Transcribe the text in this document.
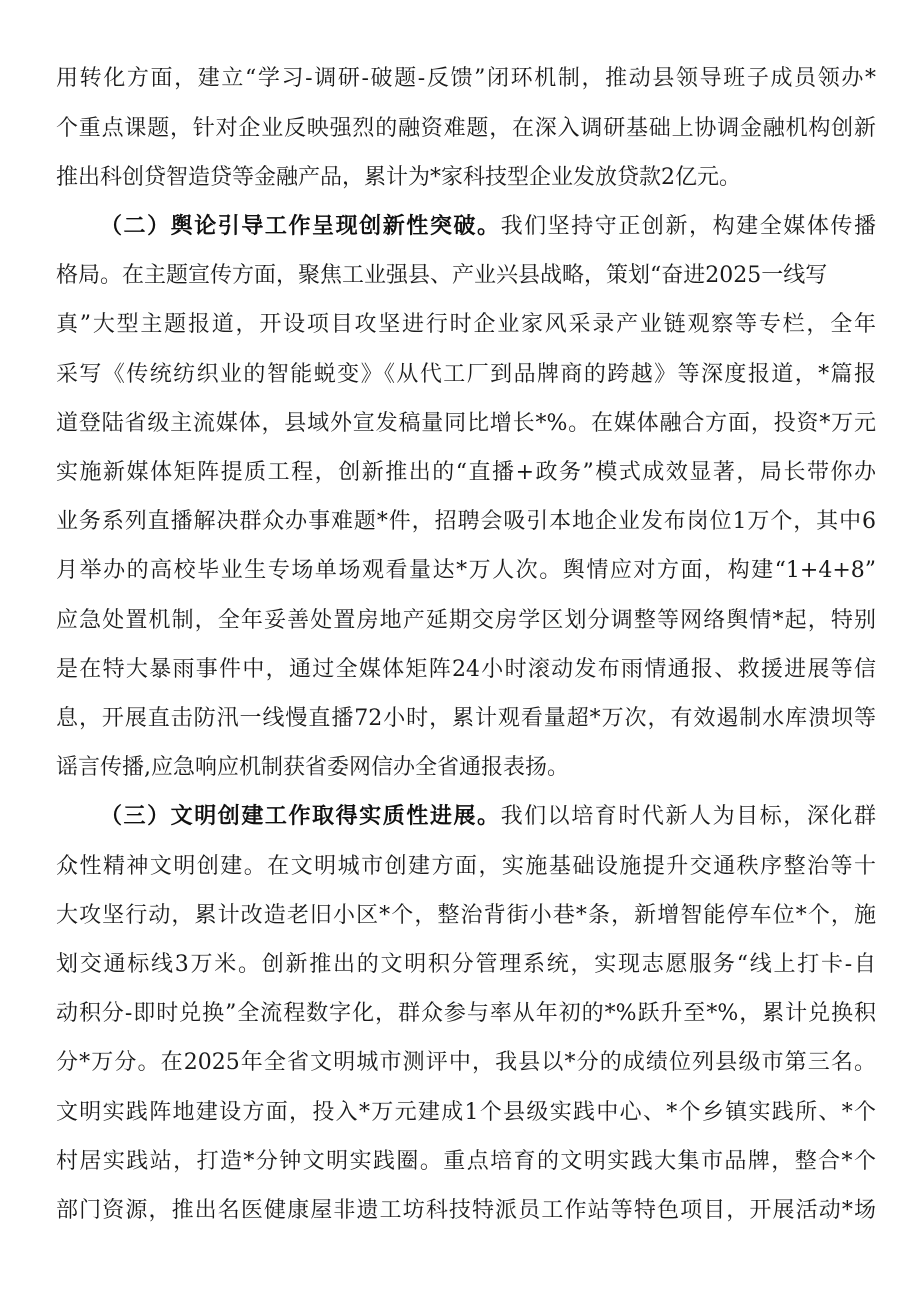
用转化方面，建立“学习-调研-破题-反馈”闭环机制，推动县领导班子成员领办*
个重点课题，针对企业反映强烈的融资难题，在深入调研基础上协调金融机构创新
推出科创贷智造贷等金融产品，累计为*家科技型企业发放贷款2亿元。
（二）舆论引导工作呈现创新性突破。我们坚持守正创新，构建全媒体传播
格局。在主题宣传方面，聚焦工业强县、产业兴县战略，策划“奋进2025一线写
真”大型主题报道，开设项目攻坚进行时企业家风采录产业链观察等专栏，全年
采写《传统纺织业的智能蜕变》《从代工厂到品牌商的跨越》等深度报道，*篇报
道登陆省级主流媒体，县域外宣发稿量同比增长*%。在媒体融合方面，投资*万元
实施新媒体矩阵提质工程，创新推出的“直播+政务”模式成效显著，局长带你办
业务系列直播解决群众办事难题*件，招聘会吸引本地企业发布岗位1万个，其中6
月举办的高校毕业生专场单场观看量达*万人次。舆情应对方面，构建“1+4+8”
应急处置机制，全年妥善处置房地产延期交房学区划分调整等网络舆情*起，特别
是在特大暴雨事件中，通过全媒体矩阵24小时滚动发布雨情通报、救援进展等信
息，开展直击防汛一线慢直播72小时，累计观看量超*万次，有效遏制水库溃坝等
谣言传播,应急响应机制获省委网信办全省通报表扬。
（三）文明创建工作取得实质性进展。我们以培育时代新人为目标，深化群
众性精神文明创建。在文明城市创建方面，实施基础设施提升交通秩序整治等十
大攻坚行动，累计改造老旧小区*个，整治背街小巷*条，新增智能停车位*个，施
划交通标线3万米。创新推出的文明积分管理系统，实现志愿服务“线上打卡-自
动积分-即时兑换”全流程数字化，群众参与率从年初的*%跃升至*%，累计兑换积
分*万分。在2025年全省文明城市测评中，我县以*分的成绩位列县级市第三名。
文明实践阵地建设方面，投入*万元建成1个县级实践中心、*个乡镇实践所、*个
村居实践站，打造*分钟文明实践圈。重点培育的文明实践大集市品牌，整合*个
部门资源，推出名医健康屋非遗工坊科技特派员工作站等特色项目，开展活动*场
